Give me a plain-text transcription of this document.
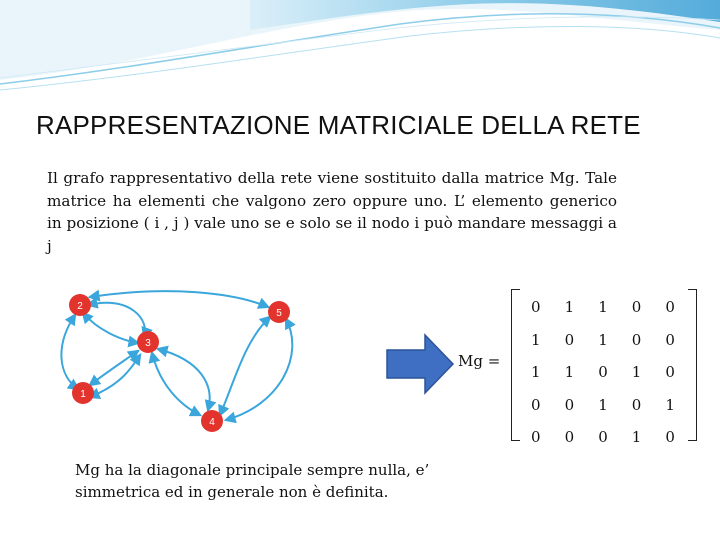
RAPPRESENTAZIONE MATRICIALE DELLA RETE
Il grafo rappresentativo della rete viene sostituito dalla matrice Mg. Tale matrice ha elementi che valgono zero oppure uno. L’ elemento generico in posizione ( i , j ) vale uno se e solo se il nodo i può mandare messaggi a j
2
5
3
1
4
Mg =
0	1	1	0	0
1	0	1	0	0
1	1	0	1	0
0	0	1	0	1
0	0	0	1	0
Mg ha la diagonale principale sempre nulla, e’ simmetrica ed in generale non è definita.
